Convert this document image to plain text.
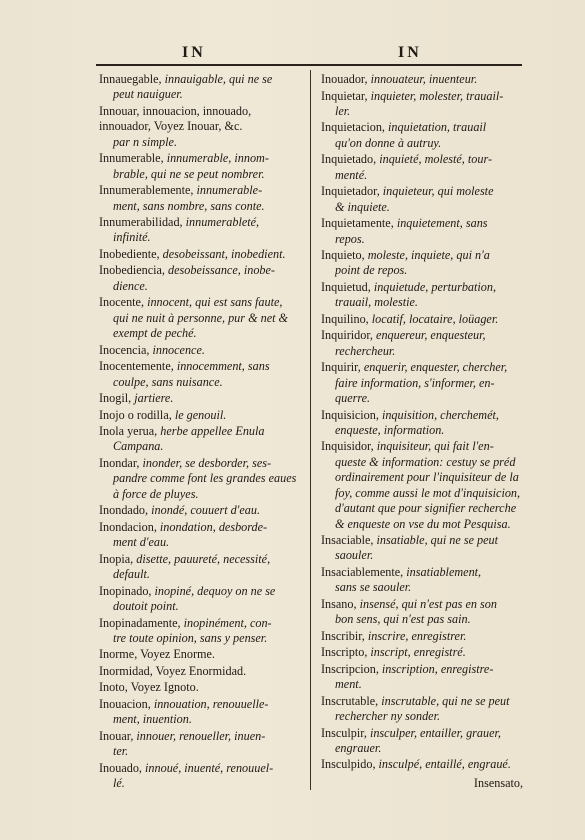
IN	IN
Innauegable, innauigable, qui ne se
peut nauiguer.
Innouar, innouacion, innouado, innouador, Voyez Inouar, &c.
par n simple.
Innumerable, innumerable, innom-
brable, qui ne se peut nombrer.
Innumerablemente, innumerable-
ment, sans nombre, sans conte.
Innumerabilidad, innumerableté,
infinité.
Inobediente, desobeissant, inobedient.
Inobediencia, desobeissance, inobe-
dience.
Inocente, innocent, qui est sans faute,
qui ne nuit à personne, pur & net & exempt de peché.
Inocencia, innocence.
Inocentemente, innocemment, sans
coulpe, sans nuisance.
Inogil, jartiere.
Inojo o rodilla, le genouil.
Inola yerua, herbe appellee Enula
Campana.
Inondar, inonder, se desborder, ses-
pandre comme font les grandes eaues à force de pluyes.
Inondado, inondé, couuert d'eau.
Inondacion, inondation, desborde-
ment d'eau.
Inopia, disette, pauureté, necessité,
default.
Inopinado, inopiné, dequoy on ne se
doutoit point.
Inopinadamente, inopinément, con-
tre toute opinion, sans y penser.
Inorme, Voyez Enorme.
Inormidad, Voyez Enormidad.
Inoto, Voyez Ignoto.
Inouacion, innouation, renouuelle-
ment, inuention.
Inouar, innouer, renoueller, inuen-
ter.
Inouado, innoué, inuenté, renouuel-
lé.
Inouador, innouateur, inuenteur.
Inquietar, inquieter, molester, trauail-
ler.
Inquietacion, inquietation, trauail
qu'on donne à autruy.
Inquietado, inquieté, molesté, tour-
menté.
Inquietador, inquieteur, qui moleste
& inquiete.
Inquietamente, inquietement, sans
repos.
Inquieto, moleste, inquiete, qui n'a
point de repos.
Inquietud, inquietude, perturbation,
trauail, molestie.
Inquilino, locatif, locataire, loüager.
Inquiridor, enquereur, enquesteur,
rechercheur.
Inquirir, enquerir, enquester, chercher,
faire information, s'informer, en-querre.
Inquisicion, inquisition, cherchemét,
enqueste, information.
Inquisidor, inquisiteur, qui fait l'en-
queste & information: cestuy se préd ordinairement pour l'inquisiteur de la foy, comme aussi le mot d'inquisicion, d'autant que pour signifier recherche & enqueste on vse du mot Pesquisa.
Insaciable, insatiable, qui ne se peut
saouler.
Insaciablemente, insatiablement,
sans se saouler.
Insano, insensé, qui n'est pas en son
bon sens, qui n'est pas sain.
Inscribir, inscrire, enregistrer.
Inscripto, inscript, enregistré.
Inscripcion, inscription, enregistre-
ment.
Inscrutable, inscrutable, qui ne se peut
rechercher ny sonder.
Insculpir, insculper, entailler, grauer,
engrauer.
Insculpido, insculpé, entaillé, engraué.
Insensato,
